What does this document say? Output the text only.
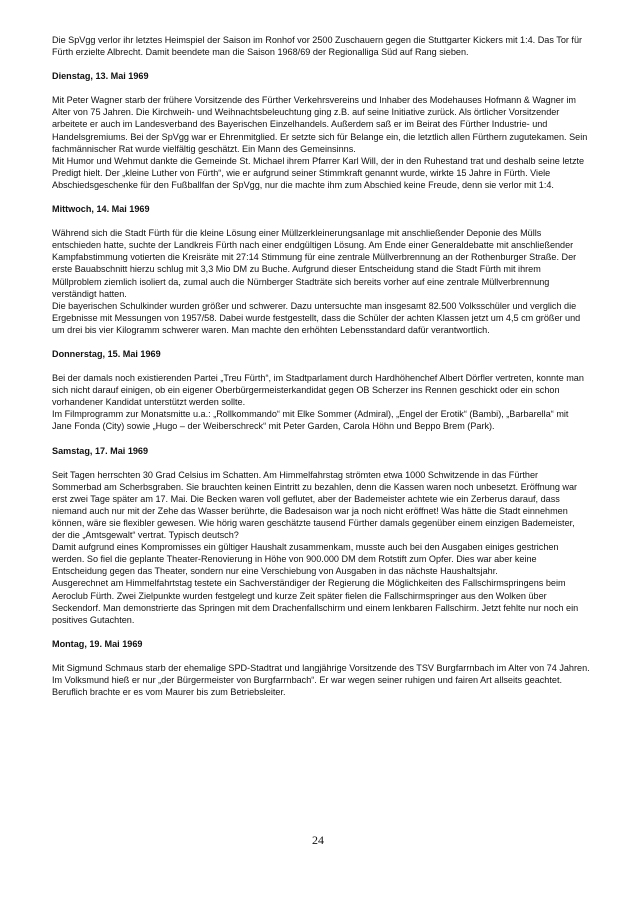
Die SpVgg verlor ihr letztes Heimspiel der Saison im Ronhof vor 2500 Zuschauern gegen die Stuttgarter Kickers mit 1:4. Das Tor für Fürth erzielte Albrecht. Damit beendete man die Saison 1968/69 der Regionalliga Süd auf Rang sieben.

Dienstag, 13. Mai 1969

Mit Peter Wagner starb der frühere Vorsitzende des Fürther Verkehrsvereins und Inhaber des Modehauses Hofmann & Wagner im Alter von 75 Jahren. Die Kirchweih- und Weihnachtsbeleuchtung ging z.B. auf seine Initiative zurück. Als örtlicher Vorsitzender arbeitete er auch im Landesverband des Bayerischen Einzelhandels. Außerdem saß er im Beirat des Fürther Industrie- und Handelsgremiums. Bei der SpVgg war er Ehrenmitglied. Er setzte sich für Belange ein, die letztlich allen Fürthern zugutekamen. Sein fachmännischer Rat wurde vielfältig geschätzt. Ein Mann des Gemeinsinns.

Mit Humor und Wehmut dankte die Gemeinde St. Michael ihrem Pfarrer Karl Will, der in den Ruhestand trat und deshalb seine letzte Predigt hielt. Der „kleine Luther von Fürth“, wie er aufgrund seiner Stimmkraft genannt wurde, wirkte 15 Jahre in Fürth. Viele Abschiedsgeschenke für den Fußballfan der SpVgg, nur die machte ihm zum Abschied keine Freude, denn sie verlor mit 1:4.

Mittwoch, 14. Mai 1969

Während sich die Stadt Fürth für die kleine Lösung einer Müllzerkleinerungsanlage mit anschließender Deponie des Mülls entschieden hatte, suchte der Landkreis Fürth nach einer endgültigen Lösung. Am Ende einer Generaldebatte mit anschließender Kampfabstimmung votierten die Kreisräte mit 27:14 Stimmung für eine zentrale Müllverbrennung an der Rothenburger Straße. Der erste Bauabschnitt hierzu schlug mit 3,3 Mio DM zu Buche. Aufgrund dieser Entscheidung stand die Stadt Fürth mit ihrem Müllproblem ziemlich isoliert da, zumal auch die Nürnberger Stadträte sich bereits vorher auf eine zentrale Müllverbrennung verständigt hatten.

Die bayerischen Schulkinder wurden größer und schwerer. Dazu untersuchte man insgesamt 82.500 Volksschüler und verglich die Ergebnisse mit Messungen von 1957/58. Dabei wurde festgestellt, dass die Schüler der achten Klassen jetzt um 4,5 cm größer und um drei bis vier Kilogramm schwerer waren. Man machte den erhöhten Lebensstandard dafür verantwortlich.

Donnerstag, 15. Mai 1969

Bei der damals noch existierenden Partei „Treu Fürth“, im Stadtparlament durch Hardhöhenchef Albert Dörfler vertreten, konnte man sich nicht darauf einigen, ob ein eigener Oberbürgermeisterkandidat gegen OB Scherzer ins Rennen geschickt oder ein schon vorhandener Kandidat unterstützt werden sollte.

Im Filmprogramm zur Monatsmitte u.a.: „Rollkommando“ mit Elke Sommer (Admiral), „Engel der Erotik“ (Bambi), „Barbarella“ mit Jane Fonda (City) sowie „Hugo – der Weiberschreck“ mit Peter Garden, Carola Höhn und Beppo Brem (Park).

Samstag, 17. Mai 1969

Seit Tagen herrschten 30 Grad Celsius im Schatten. Am Himmelfahrstag strömten etwa 1000 Schwitzende in das Fürther Sommerbad am Scherbsgraben. Sie brauchten keinen Eintritt zu bezahlen, denn die Kassen waren noch unbesetzt. Eröffnung war erst zwei Tage später am 17. Mai. Die Becken waren voll geflutet, aber der Bademeister achtete wie ein Zerberus darauf, dass niemand auch nur mit der Zehe das Wasser berührte, die Badesaison war ja noch nicht eröffnet! Was hätte die Stadt einnehmen können, wäre sie flexibler gewesen. Wie hörig waren geschätzte tausend Fürther damals gegenüber einem einzigen Bademeister, der die „Amtsgewalt“ vertrat. Typisch deutsch?

Damit aufgrund eines Kompromisses ein gültiger Haushalt zusammenkam, musste auch bei den Ausgaben einiges gestrichen werden. So fiel die geplante Theater-Renovierung in Höhe von 900.000 DM dem Rotstift zum Opfer. Dies war aber keine Entscheidung gegen das Theater, sondern nur eine Verschiebung von Ausgaben in das nächste Haushaltsjahr.

Ausgerechnet am Himmelfahrtstag testete ein Sachverständiger der Regierung die Möglichkeiten des Fallschirmspringens beim Aeroclub Fürth. Zwei Zielpunkte wurden festgelegt und kurze Zeit später fielen die Fallschirmspringer aus den Wolken über Seckendorf. Man demonstrierte das Springen mit dem Drachenfallschirm und einem lenkbaren Fallschirm. Jetzt fehlte nur noch ein positives Gutachten.

Montag, 19. Mai 1969

Mit Sigmund Schmaus starb der ehemalige SPD-Stadtrat und langjährige Vorsitzende des TSV Burgfarrnbach im Alter von 74 Jahren. Im Volksmund hieß er nur „der Bürgermeister von Burgfarrnbach“. Er war wegen seiner ruhigen und fairen Art allseits geachtet. Beruflich brachte er es vom Maurer bis zum Betriebsleiter.

24
